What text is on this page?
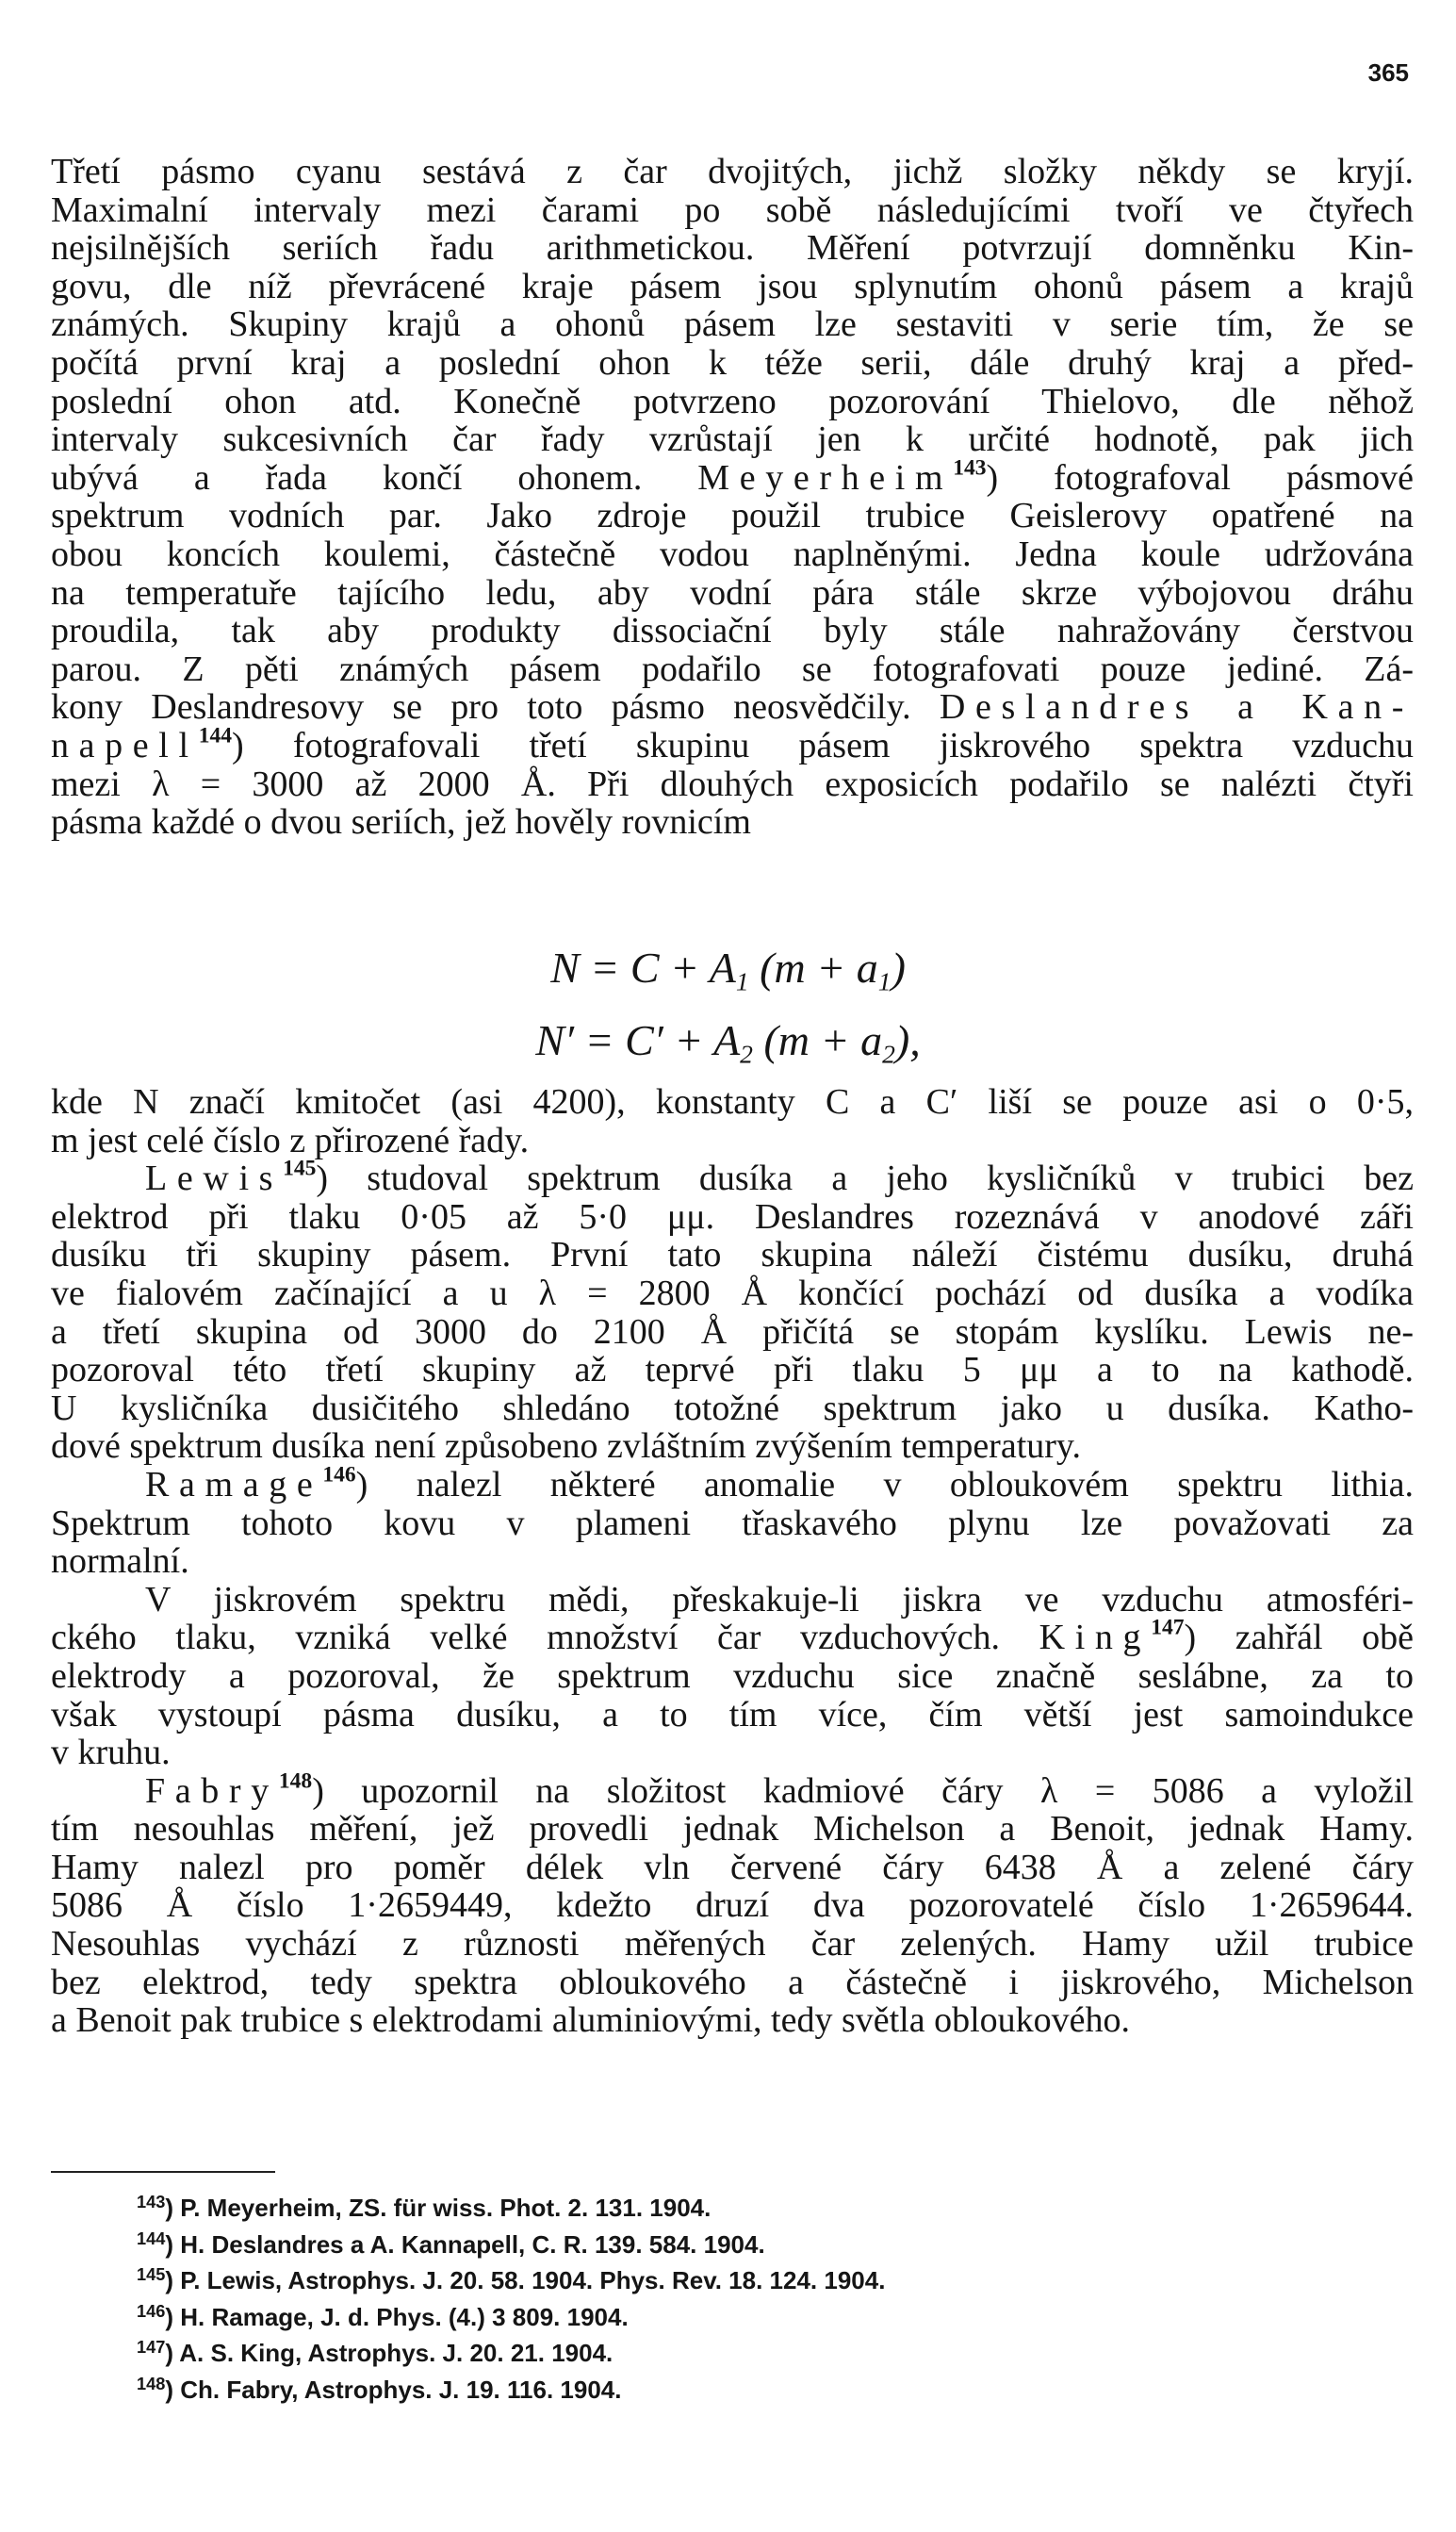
365
Třetí pásmo cyanu sestává z čar dvojitých, jichž složky někdy se kryjí.
Maximalní intervaly mezi čarami po sobě následujícími tvoří ve čtyřech
nejsilnějších seriích řadu arithmetickou. Měření potvrzují domněnku Kin-
govu, dle níž převrácené kraje pásem jsou splynutím ohonů pásem a krajů
známých. Skupiny krajů a ohonů pásem lze sestaviti v serie tím, že se
počítá první kraj a poslední ohon k téže serii, dále druhý kraj a před-
poslední ohon atd. Konečně potvrzeno pozorování Thielovo, dle něhož
intervaly sukcesivních čar řady vzrůstají jen k určité hodnotě, pak jich
ubývá a řada končí ohonem. Meyerheim$^{143}$) fotografoval pásmové
spektrum vodních par. Jako zdroje použil trubice Geislerovy opatřené na
obou koncích koulemi, částečně vodou naplněnými. Jedna koule udržována
na temperatuře tajícího ledu, aby vodní pára stále skrze výbojovou dráhu
proudila, tak aby produkty dissociační byly stále nahražovány čerstvou
parou. Z pěti známých pásem podařilo se fotografovati pouze jediné. Zá-
kony Deslandresovy se pro toto pásmo neosvědčily. Deslandres a Kan-
napell$^{144}$) fotografovali třetí skupinu pásem jiskrového spektra vzduchu
mezi λ = 3000 až 2000 Å. Při dlouhých exposicích podařilo se nalézti čtyři
pásma každé o dvou seriích, jež hověly rovnicím
N = C + A1 (m + a1)
N′ = C′ + A2 (m + a2),
kde N značí kmitočet (asi 4200), konstanty C a C′ liší se pouze asi o 0·5,
m jest celé číslo z přirozené řady.
Lewis$^{145}$) studoval spektrum dusíka a jeho kysličníků v trubici bez
elektrod při tlaku 0·05 až 5·0 μμ. Deslandres rozeznává v anodové záři
dusíku tři skupiny pásem. První tato skupina náleží čistému dusíku, druhá
ve fialovém začínající a u λ = 2800 Å končící pochází od dusíka a vodíka
a třetí skupina od 3000 do 2100 Å přičítá se stopám kyslíku. Lewis ne-
pozoroval této třetí skupiny až teprvé při tlaku 5 μμ a to na kathodě.
U kysličníka dusičitého shledáno totožné spektrum jako u dusíka. Katho-
dové spektrum dusíka není způsobeno zvláštním zvýšením temperatury.
Ramage$^{146}$) nalezl některé anomalie v obloukovém spektru lithia.
Spektrum tohoto kovu v plameni třaskavého plynu lze považovati za
normalní.
V jiskrovém spektru mědi, přeskakuje-li jiskra ve vzduchu atmosféri-
ckého tlaku, vzniká velké množství čar vzduchových. King$^{147}$) zahřál obě
elektrody a pozoroval, že spektrum vzduchu sice značně seslábne, za to
však vystoupí pásma dusíku, a to tím více, čím větší jest samoindukce
v kruhu.
Fabry$^{148}$) upozornil na složitost kadmiové čáry λ = 5086 a vyložil
tím nesouhlas měření, jež provedli jednak Michelson a Benoit, jednak Hamy.
Hamy nalezl pro poměr délek vln červené čáry 6438 Å a zelené čáry
5086 Å číslo 1·2659449, kdežto druzí dva pozorovatelé číslo 1·2659644.
Nesouhlas vychází z různosti měřených čar zelených. Hamy užil trubice
bez elektrod, tedy spektra obloukového a částečně i jiskrového, Michelson
a Benoit pak trubice s elektrodami aluminiovými, tedy světla obloukového.
$^{143}$) P. Meyerheim, ZS. für wiss. Phot. 2. 131. 1904.
$^{144}$) H. Deslandres a A. Kannapell, C. R. 139. 584. 1904.
$^{145}$) P. Lewis, Astrophys. J. 20. 58. 1904. Phys. Rev. 18. 124. 1904.
$^{146}$) H. Ramage, J. d. Phys. (4.) 3 809. 1904.
$^{147}$) A. S. King, Astrophys. J. 20. 21. 1904.
$^{148}$) Ch. Fabry, Astrophys. J. 19. 116. 1904.
